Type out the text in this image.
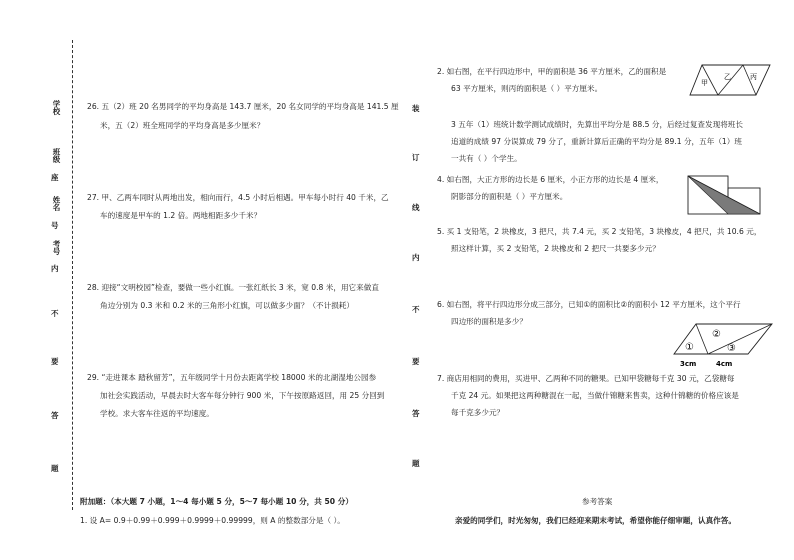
学校
班级
姓名
考号
座
号
内
不
要
答
题
装
订
线
内
不
要
答
题
26. 五（2）班 20 名男同学的平均身高是 143.7 厘米，20 名女同学的平均身高是 141.5 厘
米，五（2）班全班同学的平均身高是多少厘米？
27. 甲、乙两车同时从两地出发，相向而行，4.5 小时后相遇。甲车每小时行 40 千米，乙
车的速度是甲车的 1.2 倍。两地相距多少千米？
28. 迎接“文明校园”检查，要做一些小红旗。一张红纸长 3 米，宽 0.8 米，用它来做直
角边分别为 0.3 米和 0.2 米的三角形小红旗，可以做多少面？（不计损耗）
29. “走进课本 踏秋留芳”，五年级同学十月份去距离学校 18000 米的北湖湿地公园参
加社会实践活动，早晨去时大客车每分钟行 900 米，下午按原路返回，用 25 分回到
学校。求大客车往返的平均速度。
附加题：（本大题 7 小题，1～4 每小题 5 分，5～7 每小题 10 分，共 50 分）
1. 设 A= 0.9＋0.99＋0.999＋0.9999＋0.99999，则 A 的整数部分是（ ）。
2. 如右图，在平行四边形中，甲的面积是 36 平方厘米，乙的面积是
63 平方厘米，则丙的面积是（ ）平方厘米。
甲
乙	丙
3 五年（1）班统计数学测试成绩时，先算出平均分是 88.5 分，后经过复查发现将班长
追道的成绩 97 分误算成 79 分了，重新计算后正确的平均分是 89.1 分，五年（1）班
一共有（ ）个学生。
4. 如右图，大正方形的边长是 6 厘米，小正方形的边长是 4 厘米，
阴影部分的面积是（ ）平方厘米。
5. 买 1 支铅笔，2 块橡皮，3 把尺，共 7.4 元，买 2 支铅笔，3 块橡皮，4 把尺，共 10.6 元，
照这样计算，买 2 支铅笔，2 块橡皮和 2 把尺一共要多少元？
6. 如右图，将平行四边形分成三部分，已知①的面积比②的面积小 12 平方厘米，这个平行
四边形的面积是多少？
①
②
③
3cm	4cm
7. 商店用相同的费用，买进甲、乙两种不同的糖果。已知甲袋糖每千克 30 元，乙袋糖每
千克 24 元。如果把这两种糖混在一起，当做什锦糖来售卖，这种什锦糖的价格应该是
每千克多少元？
参考答案
亲爱的同学们，时光匆匆，我们已经迎来期末考试，希望你能仔细审题，认真作答。
